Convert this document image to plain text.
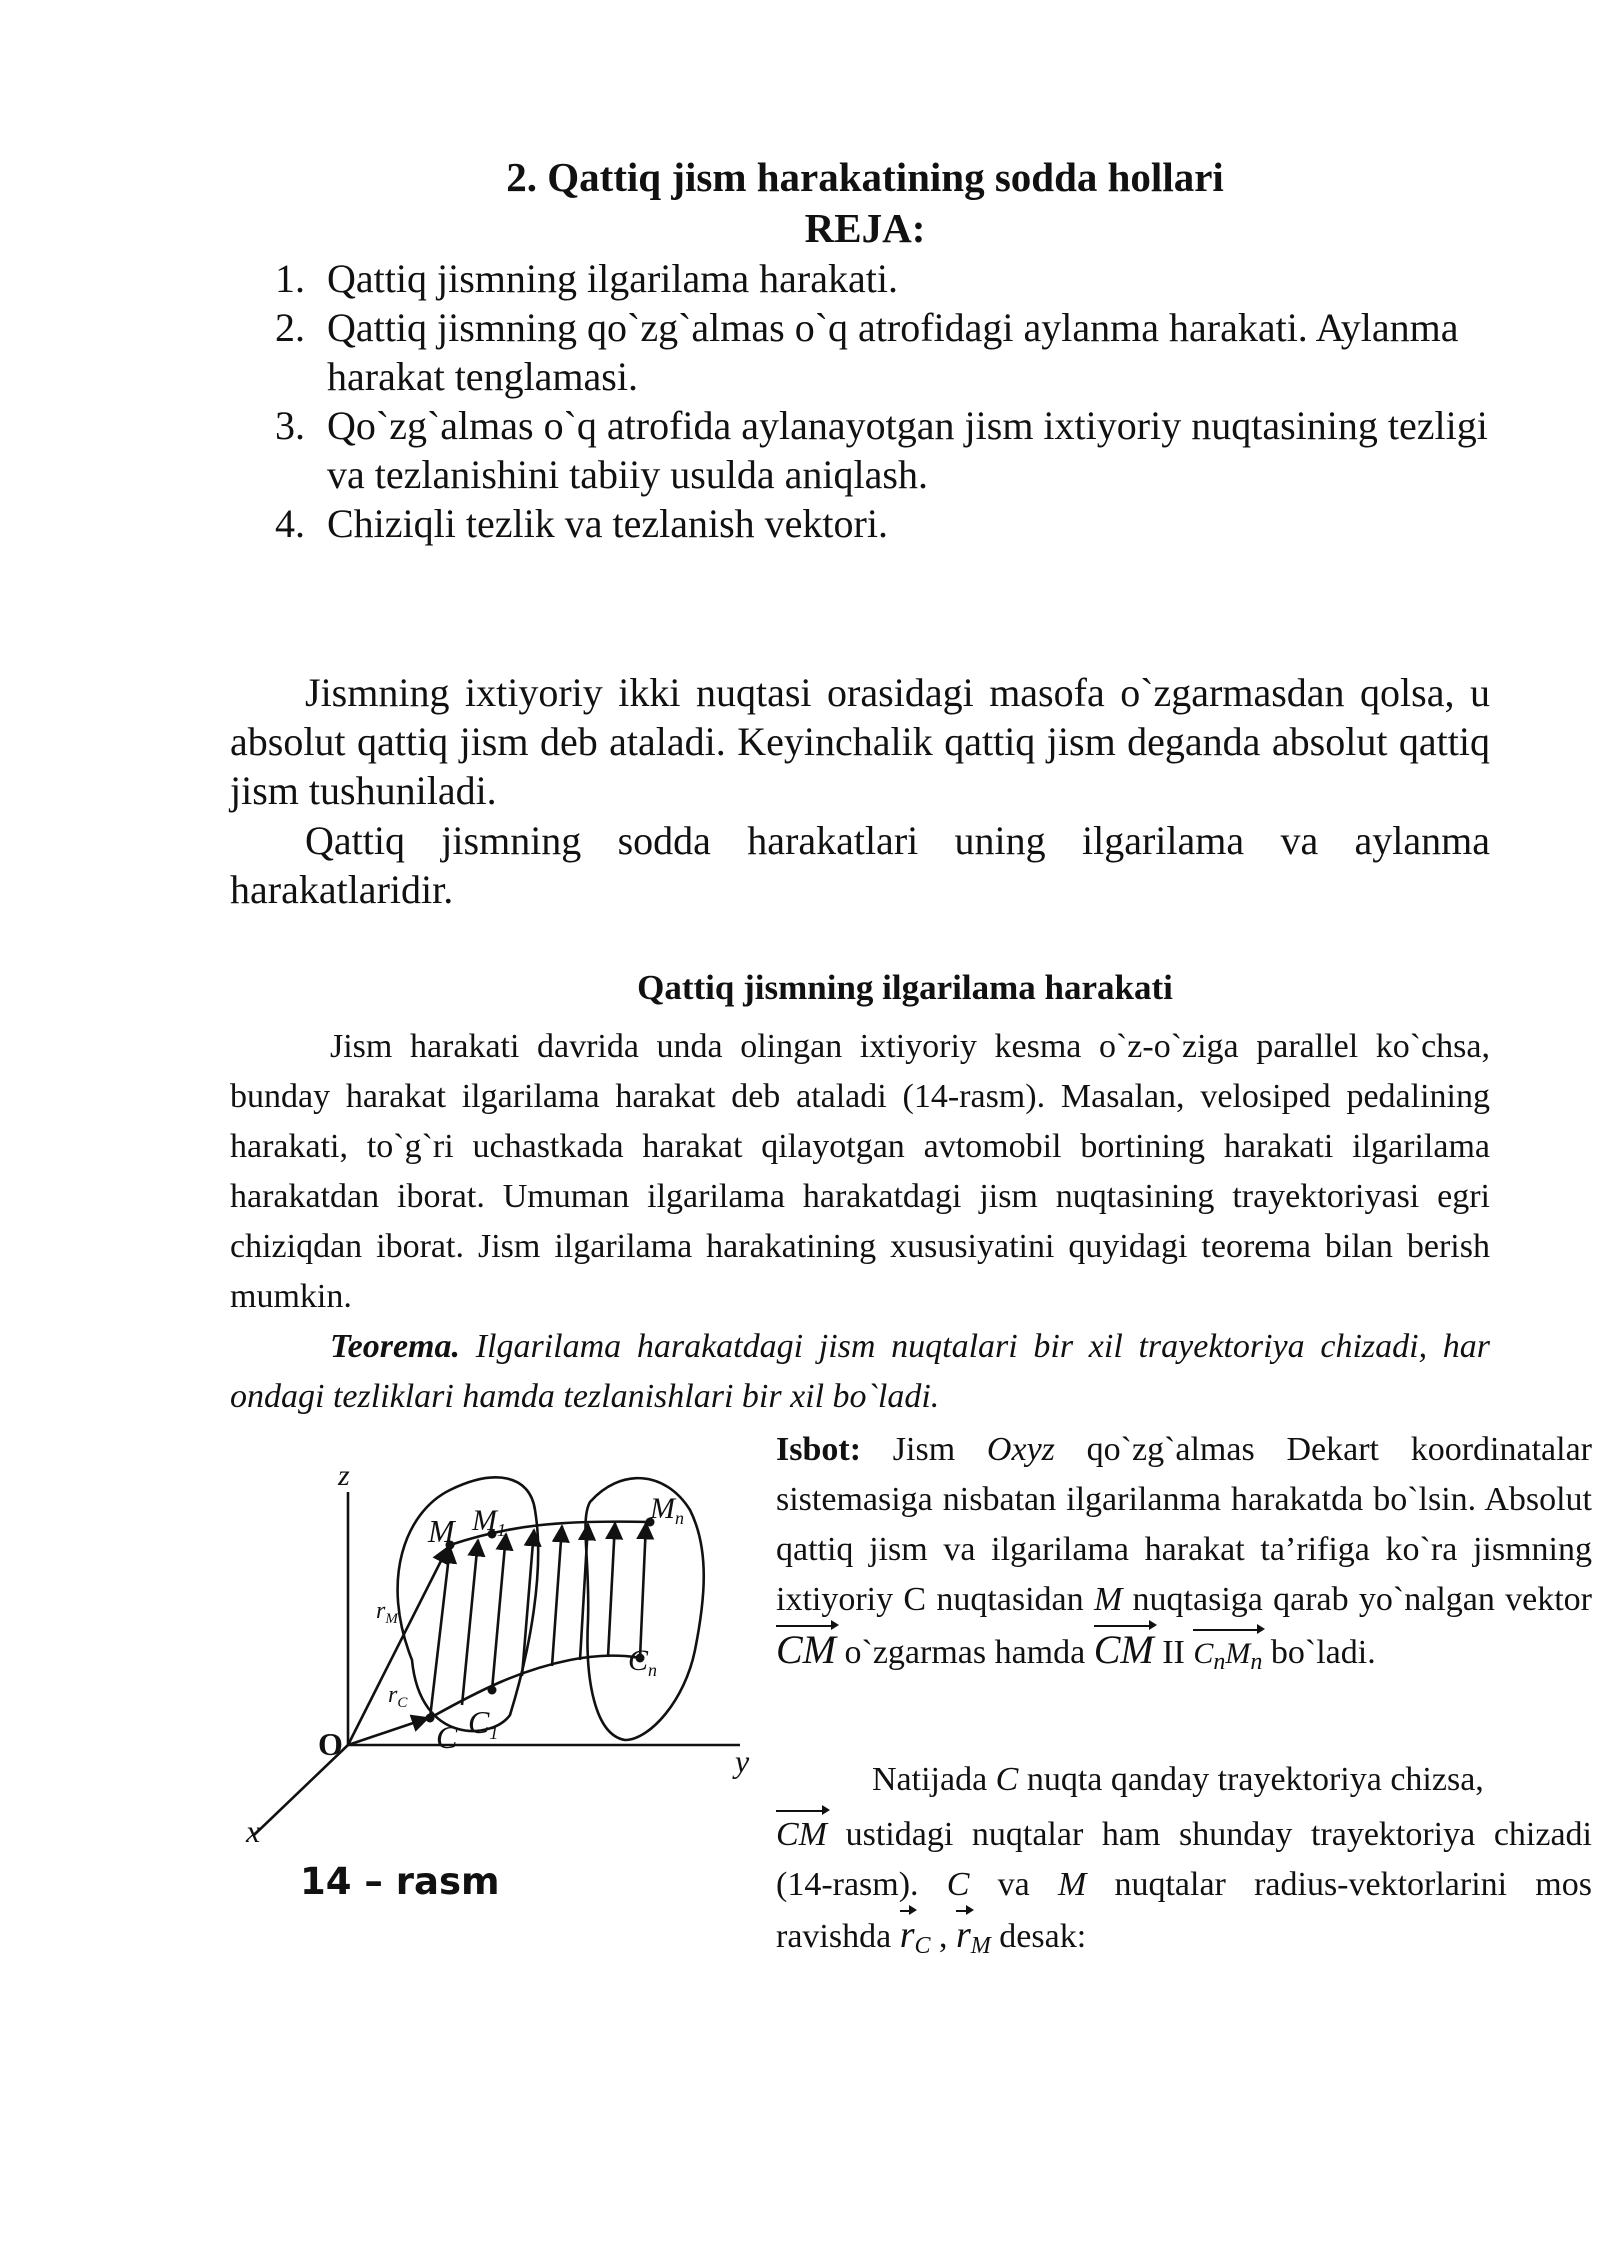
2. Qattiq jism harakatining sodda hollari
REJA:
1. Qattiq jismning ilgarilama harakati.
2. Qattiq jismning qo`zg`almas o`q atrofidagi aylanma harakati. Aylanma harakat tenglamasi.
3. Qo`zg`almas o`q atrofida aylanayotgan jism ixtiyoriy nuqtasining tezligi va tezlanishini tabiiy usulda aniqlash.
4. Chiziqli tezlik va tezlanish vektori.
Jismning ixtiyoriy ikki nuqtasi orasidagi masofa o`zgarmasdan qolsa, u absolut qattiq jism deb ataladi. Keyinchalik qattiq jism deganda absolut qattiq jism tushuniladi.
Qattiq jismning sodda harakatlari uning ilgarilama va aylanma harakatlaridir.
Qattiq jismning ilgarilama harakati
Jism harakati davrida unda olingan ixtiyoriy kesma o`z-o`ziga parallel ko`chsa, bunday harakat ilgarilama harakat deb ataladi (14-rasm). Masalan, velosiped pedalining harakati, to`g`ri uchastkada harakat qilayotgan avtomobil bortining harakati ilgarilama harakatdan iborat. Umuman ilgarilama harakatdagi jism nuqtasining trayektoriyasi egri chiziqdan iborat. Jism ilgarilama harakatining xususiyatini quyidagi teorema bilan berish mumkin.
Teorema. Ilgarilama harakatdagi jism nuqtalari bir xil trayektoriya chizadi, har ondagi tezliklari hamda tezlanishlari bir xil bo`ladi.
Isbot: Jism Oxyz qo`zg`almas Dekart koordinatalar sistemasiga nisbatan ilgarilanma harakatda bo`lsin. Absolut qattiq jism va ilgarilama harakat ta’rifiga ko`ra jismning ixtiyoriy C nuqtasidan M nuqtasiga qarab yo`nalgan vektor CM o`zgarmas hamda CM II $C_nM_n$ bo`ladi.
Natijada C nuqta qanday trayektoriya chizsa,
CM ustidagi nuqtalar ham shunday trayektoriya chizadi (14-rasm). C va M nuqtalar radius-vektorlarini mos ravishda $r_C$ , $r_M$ desak:
z
y
x
O
M $M_1$
$M_n$
C C1
$C_n$
$r_M$
$r_C$
14 – rasm
